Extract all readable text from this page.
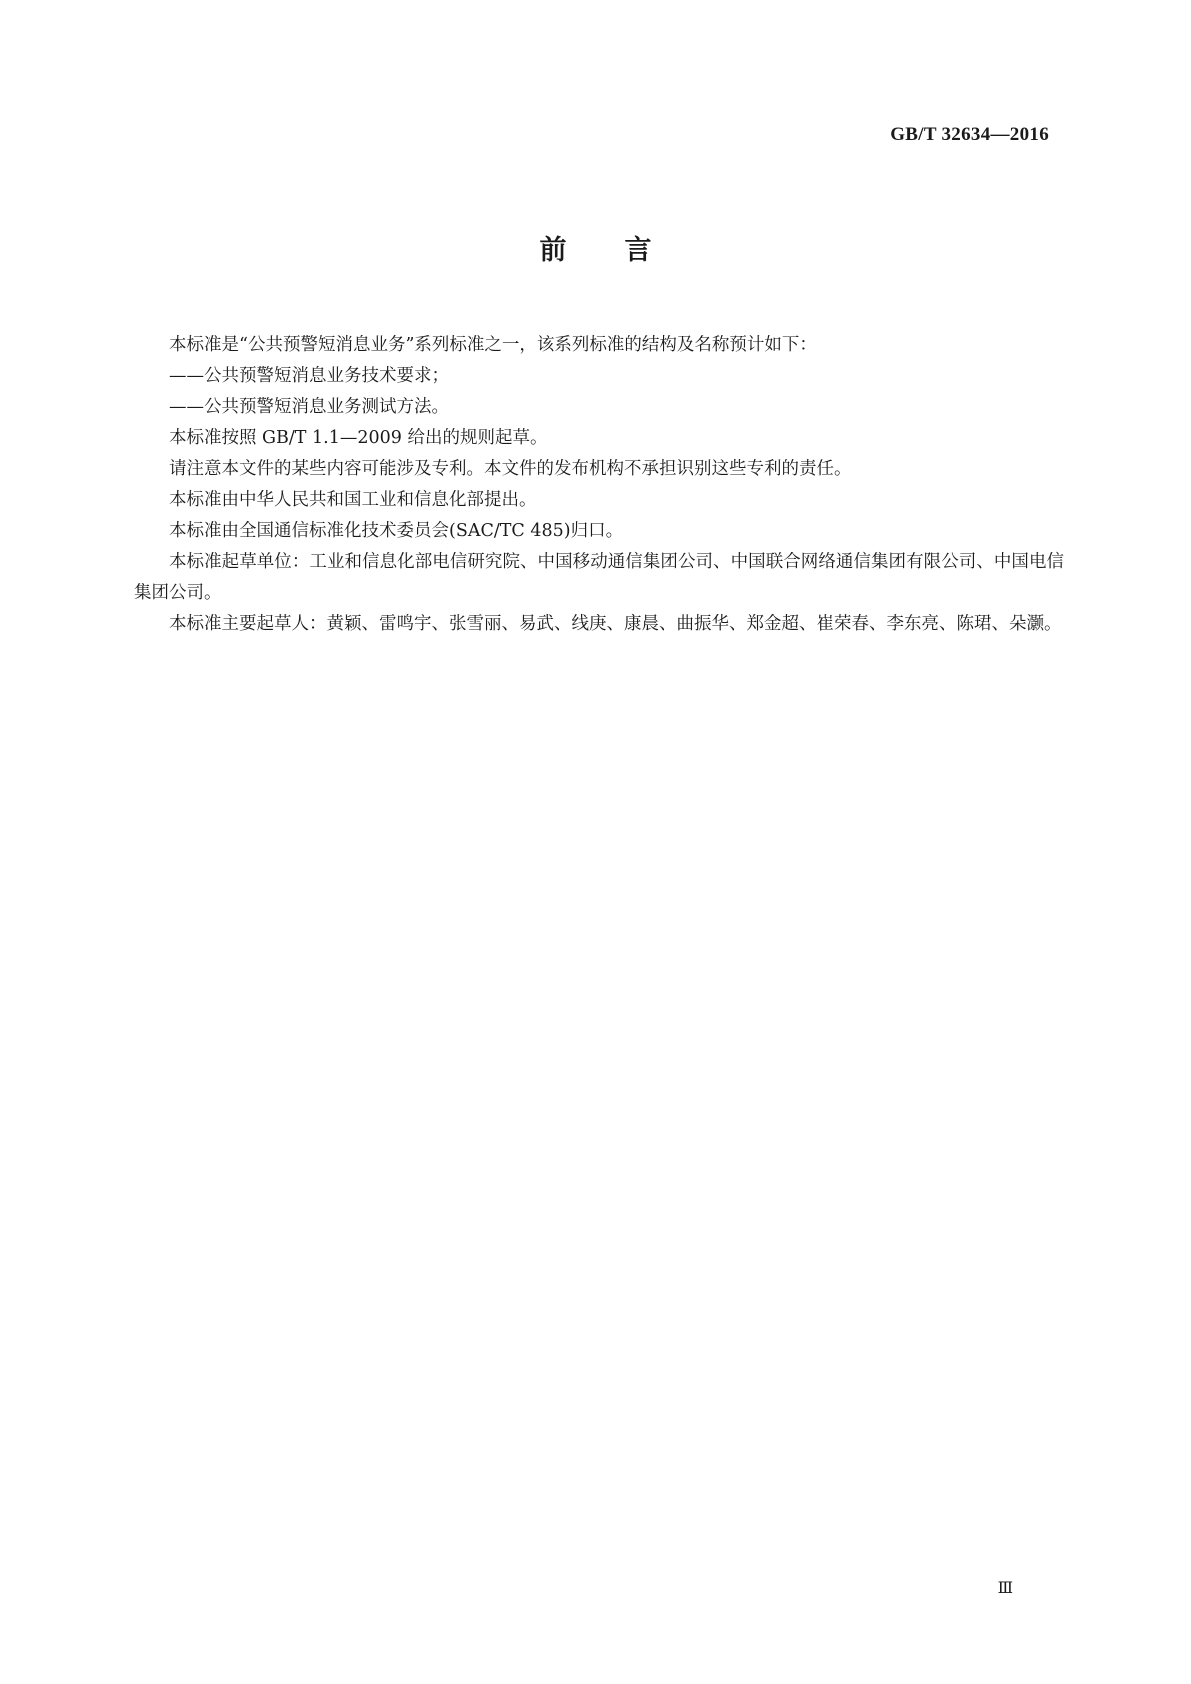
GB/T 32634—2016
前 言

本标准是“公共预警短消息业务”系列标准之一，该系列标准的结构及名称预计如下：

——公共预警短消息业务技术要求；

——公共预警短消息业务测试方法。

本标准按照 GB/T 1.1—2009 给出的规则起草。

请注意本文件的某些内容可能涉及专利。本文件的发布机构不承担识别这些专利的责任。

本标准由中华人民共和国工业和信息化部提出。

本标准由全国通信标准化技术委员会(SAC/TC 485)归口。

本标准起草单位：工业和信息化部电信研究院、中国移动通信集团公司、中国联合网络通信集团有限公司、中国电信集团公司。

本标准主要起草人：黄颖、雷鸣宇、张雪丽、易武、线庚、康晨、曲振华、郑金超、崔荣春、李东亮、陈珺、朵灏。

Ⅲ
